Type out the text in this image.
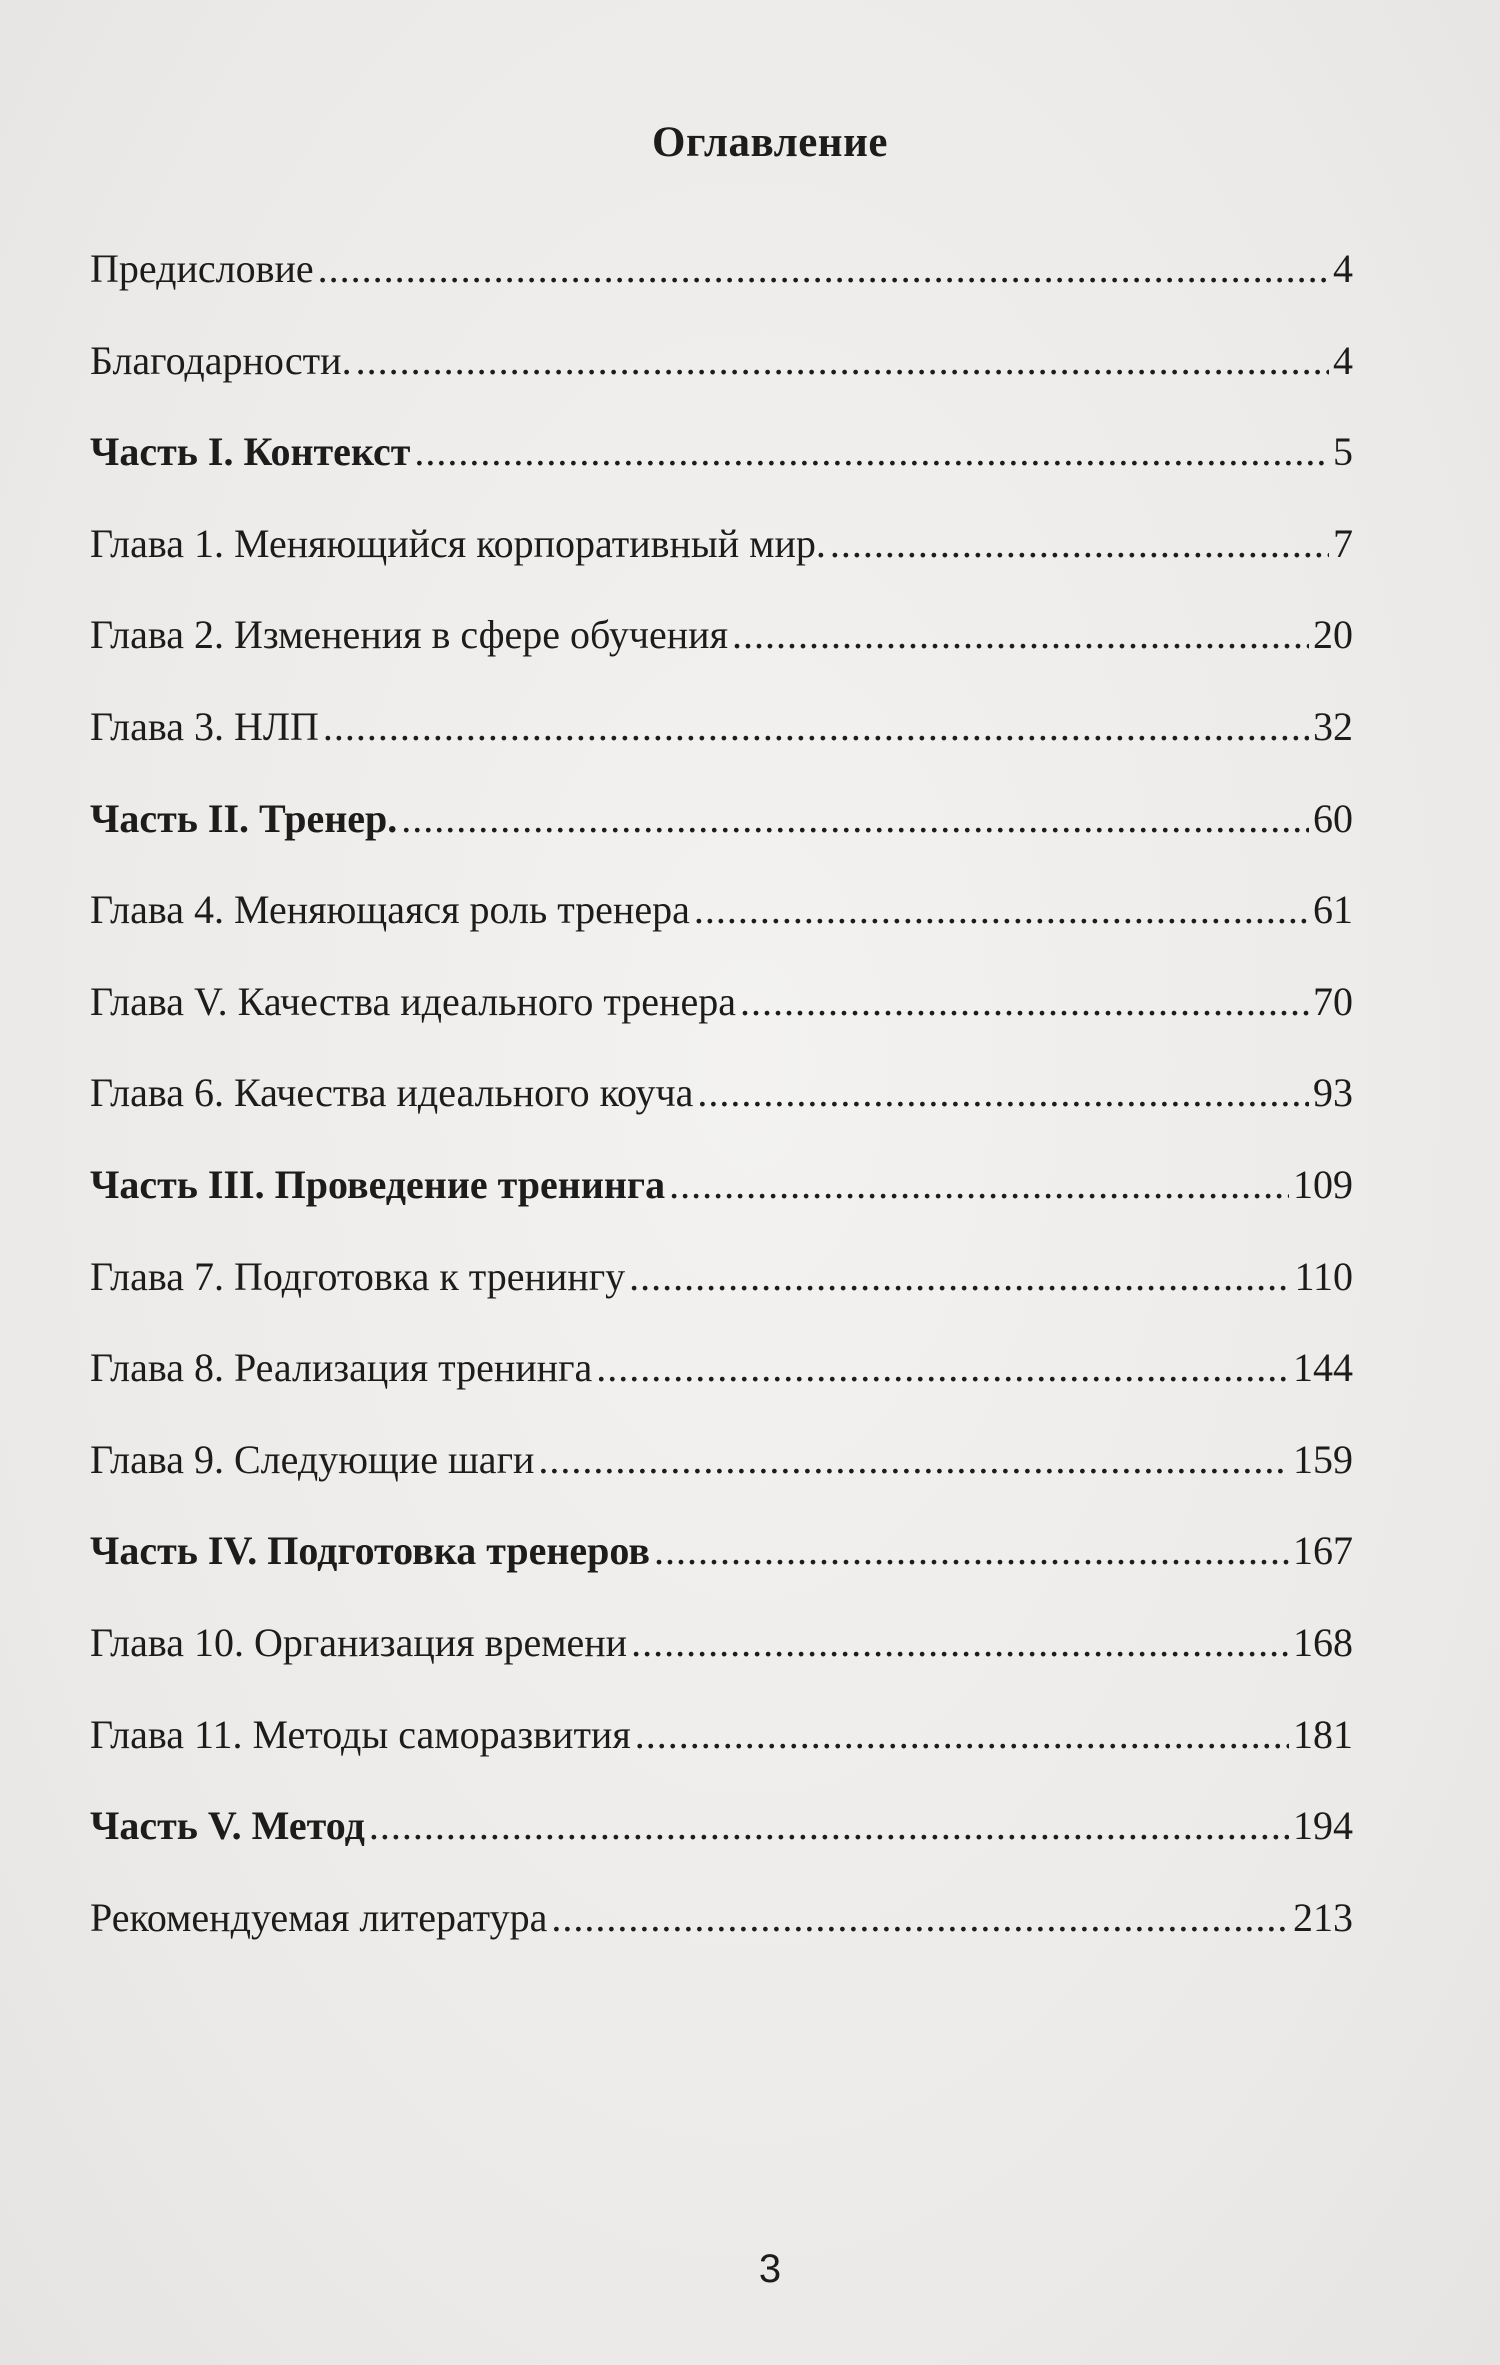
Оглавление
Предисловие .....	4
Благодарности. .....	4
Часть I. Контекст .....	5
Глава 1. Меняющийся корпоративный мир. .....	7
Глава 2. Изменения в сфере обучения .....	20
Глава 3. НЛП .....	32
Часть II. Тренер. .....	60
Глава 4. Меняющаяся роль тренера .....	61
Глава V. Качества идеального тренера .....	70
Глава 6. Качества идеального коуча .....	93
Часть III. Проведение тренинга .....	109
Глава 7. Подготовка к тренингу .....	110
Глава 8. Реализация тренинга .....	144
Глава 9. Следующие шаги .....	159
Часть IV. Подготовка тренеров .....	167
Глава 10. Организация времени .....	168
Глава 11. Методы саморазвития .....	181
Часть V. Метод .....	194
Рекомендуемая литература .....	213
3
